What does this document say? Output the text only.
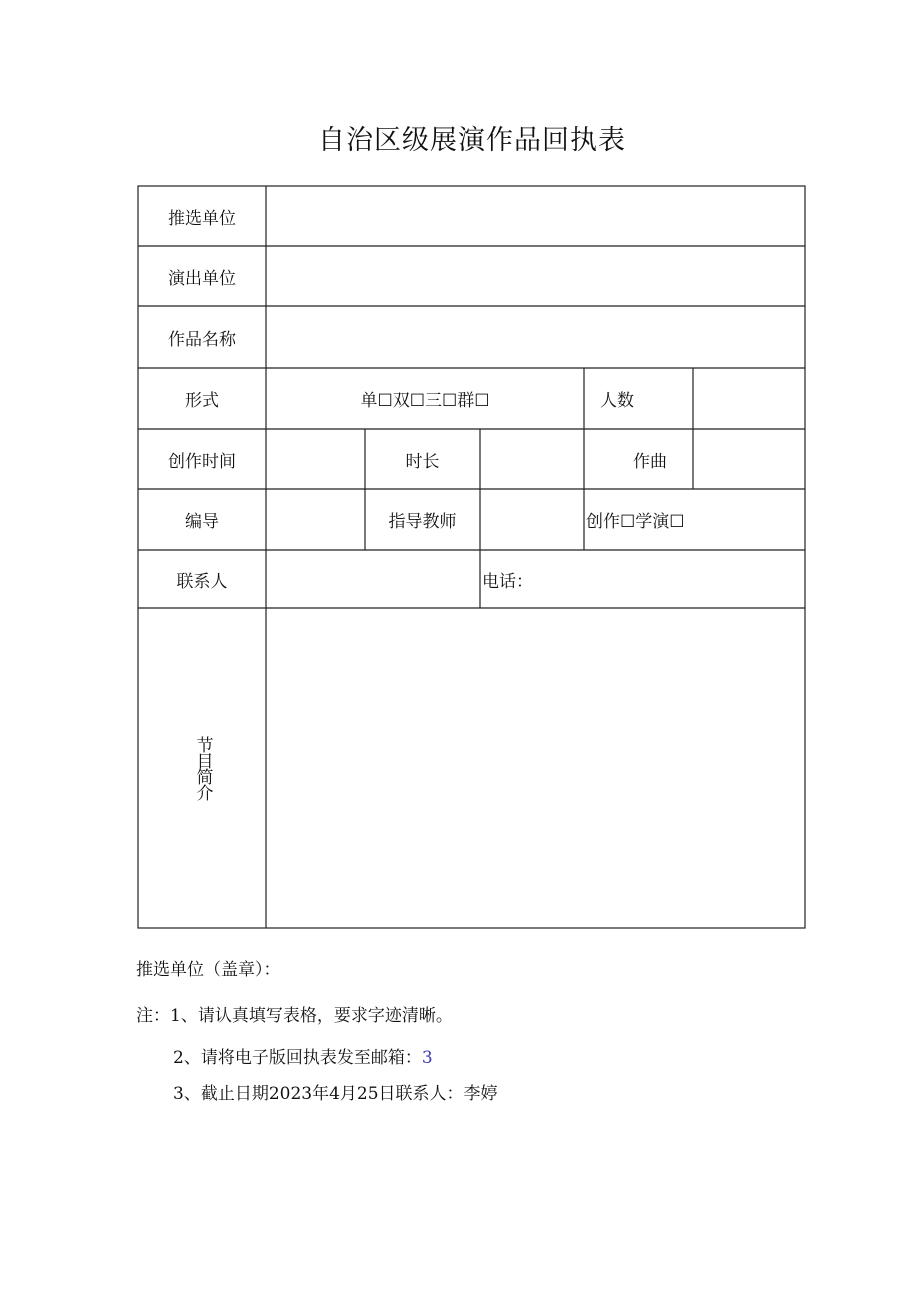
自治区级展演作品回执表
推选单位
演出单位
作品名称
形式	单☐双☐三☐群☐	人数
创作时间	时长	作曲
编导	指导教师	创作☐学演☐
联系人	电话：
节目简介
推选单位（盖章）：
注：1、请认真填写表格，要求字迹清晰。
2、请将电子版回执表发至邮箱：3
3、截止日期2023年4月25日联系人：李婷
